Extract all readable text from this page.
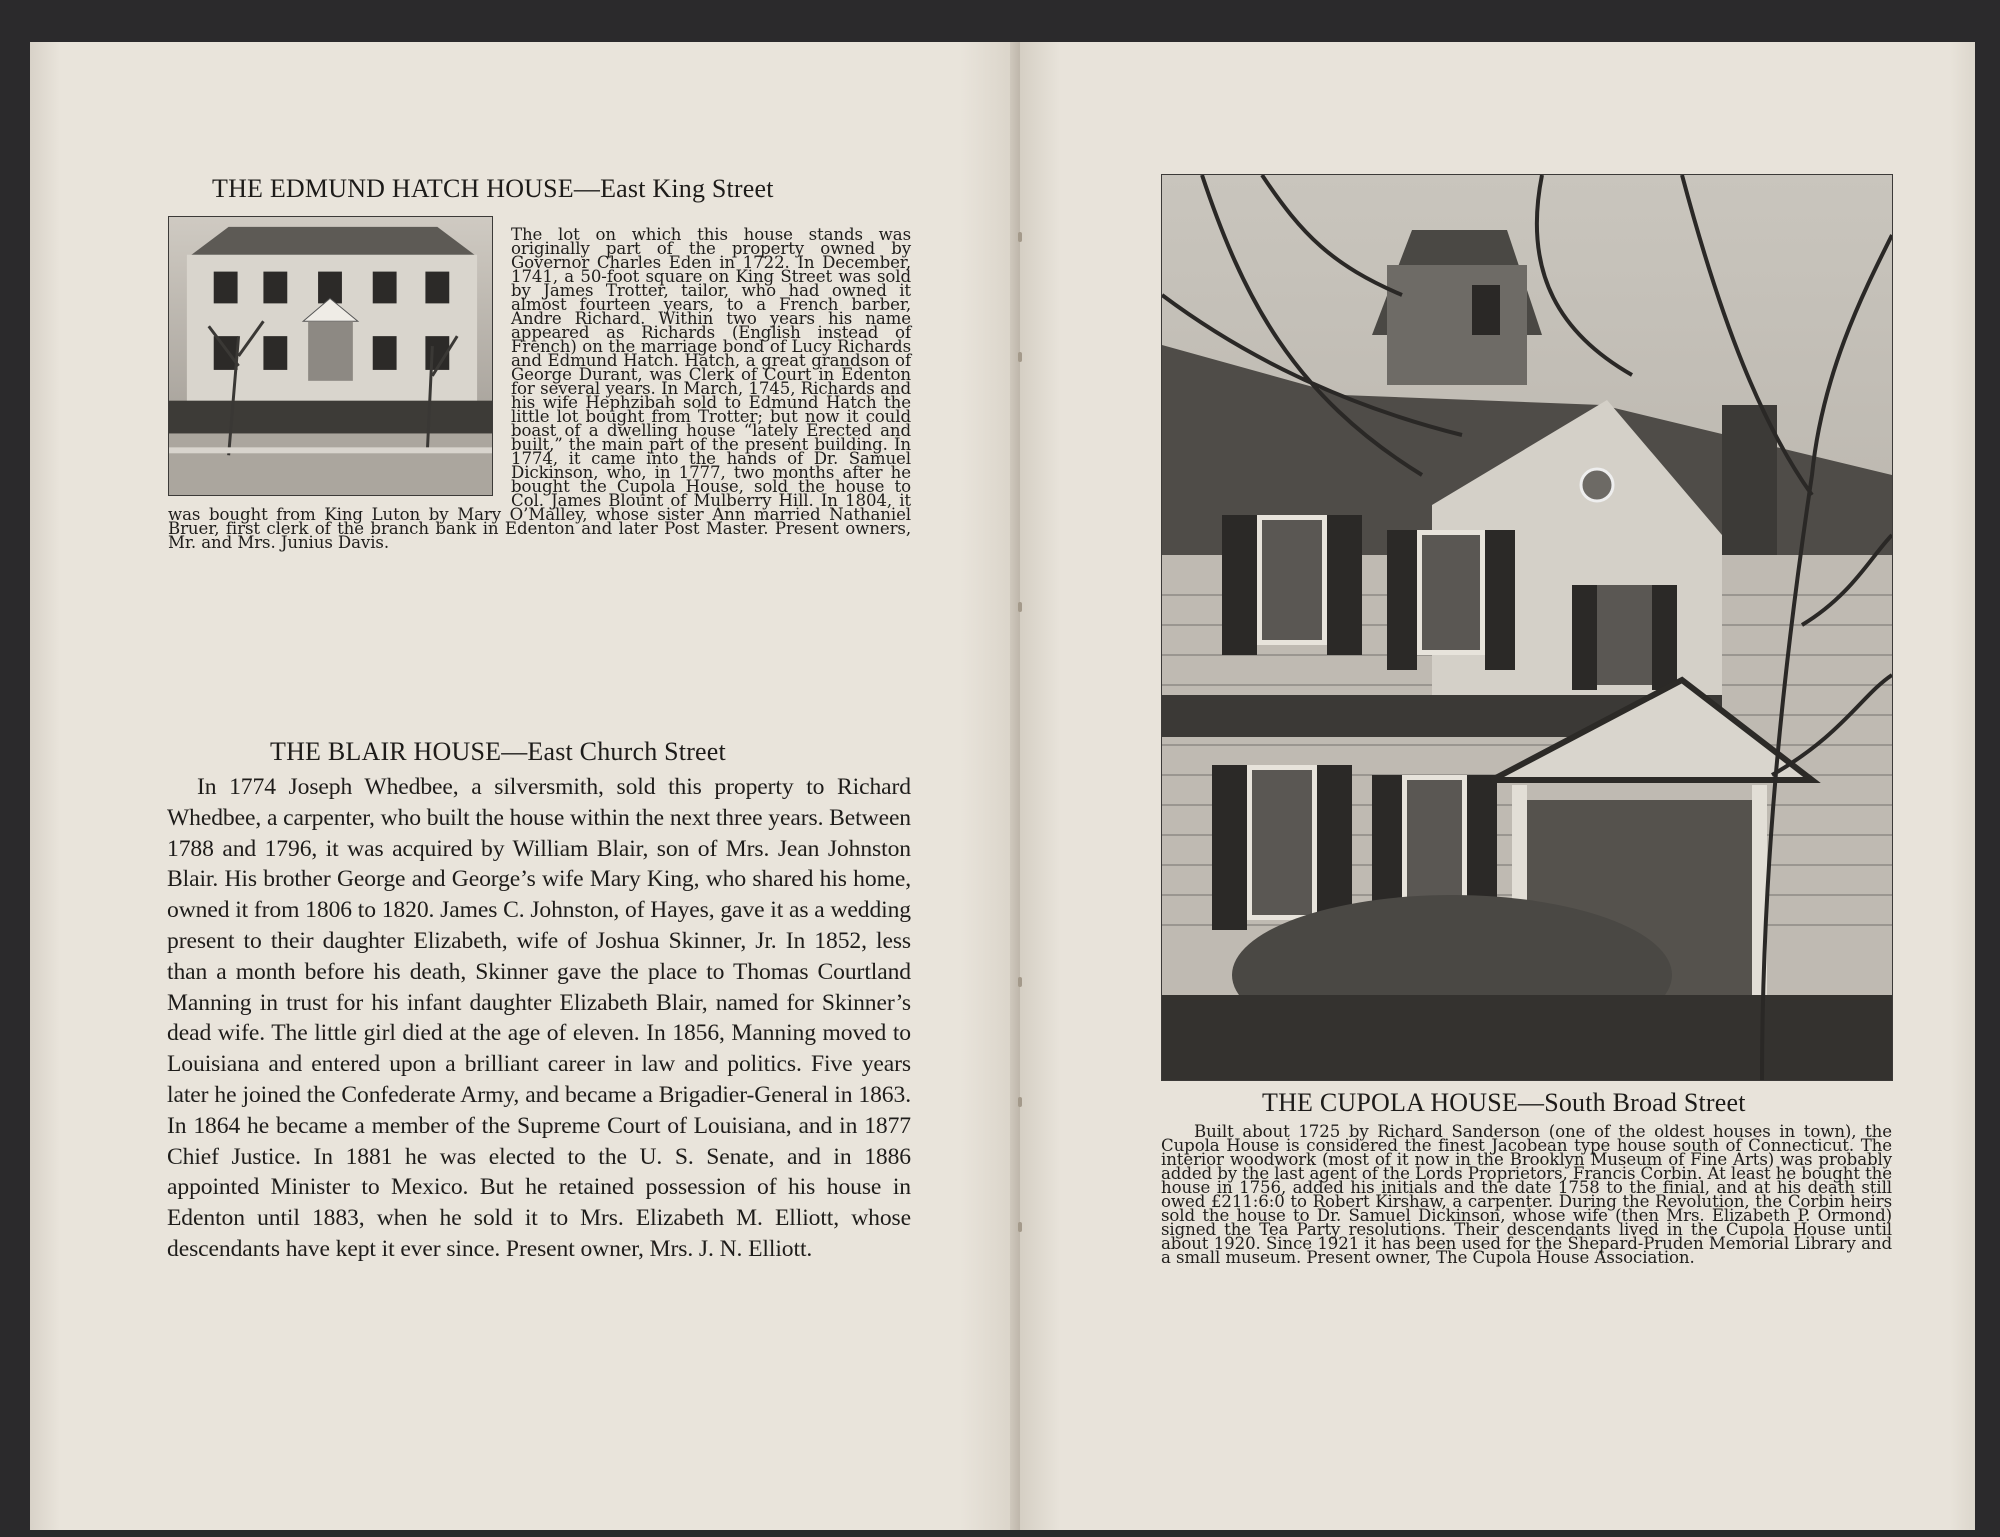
THE EDMUND HATCH HOUSE—East King Street
The lot on which this house stands was originally part of the property owned by Governor Charles Eden in 1722. In December, 1741, a 50-foot square on King Street was sold by James Trotter, tailor, who had owned it almost fourteen years, to a French barber, Andre Richard. Within two years his name appeared as Richards (English instead of French) on the marriage bond of Lucy Richards and Edmund Hatch. Hatch, a great grandson of George Durant, was Clerk of Court in Edenton for several years. In March, 1745, Richards and his wife Hephzibah sold to Edmund Hatch the little lot bought from Trotter; but now it could boast of a dwelling house “lately Erected and built,” the main part of the present building. In 1774, it came into the hands of Dr. Samuel Dickinson, who, in 1777, two months after he bought the Cupola House, sold the house to Col. James Blount of Mulberry Hill. In 1804, it was bought from King Luton by Mary O’Malley, whose sister Ann married Nathaniel Bruer, first clerk of the branch bank in Edenton and later Post Master. Present owners, Mr. and Mrs. Junius Davis.
THE BLAIR HOUSE—East Church Street

In 1774 Joseph Whedbee, a silversmith, sold this property to Richard Whedbee, a carpenter, who built the house within the next three years. Between 1788 and 1796, it was acquired by William Blair, son of Mrs. Jean Johnston Blair. His brother George and George’s wife Mary King, who shared his home, owned it from 1806 to 1820. James C. Johnston, of Hayes, gave it as a wedding present to their daughter Elizabeth, wife of Joshua Skinner, Jr. In 1852, less than a month before his death, Skinner gave the place to Thomas Courtland Manning in trust for his infant daughter Elizabeth Blair, named for Skinner’s dead wife. The little girl died at the age of eleven. In 1856, Manning moved to Louisiana and entered upon a brilliant career in law and politics. Five years later he joined the Confederate Army, and became a Brigadier-General in 1863. In 1864 he became a member of the Supreme Court of Louisiana, and in 1877 Chief Justice. In 1881 he was elected to the U. S. Senate, and in 1886 appointed Minister to Mexico. But he retained possession of his house in Edenton until 1883, when he sold it to Mrs. Elizabeth M. Elliott, whose descendants have kept it ever since. Present owner, Mrs. J. N. Elliott.

THE CUPOLA HOUSE—South Broad Street

Built about 1725 by Richard Sanderson (one of the oldest houses in town), the Cupola House is considered the finest Jacobean type house south of Connecticut. The interior woodwork (most of it now in the Brooklyn Museum of Fine Arts) was probably added by the last agent of the Lords Proprietors, Francis Corbin. At least he bought the house in 1756, added his initials and the date 1758 to the finial, and at his death still owed £211:6:0 to Robert Kirshaw, a carpenter. During the Revolution, the Corbin heirs sold the house to Dr. Samuel Dickinson, whose wife (then Mrs. Elizabeth P. Ormond) signed the Tea Party resolutions. Their descendants lived in the Cupola House until about 1920. Since 1921 it has been used for the Shepard-Pruden Memorial Library and a small museum. Present owner, The Cupola House Association.
